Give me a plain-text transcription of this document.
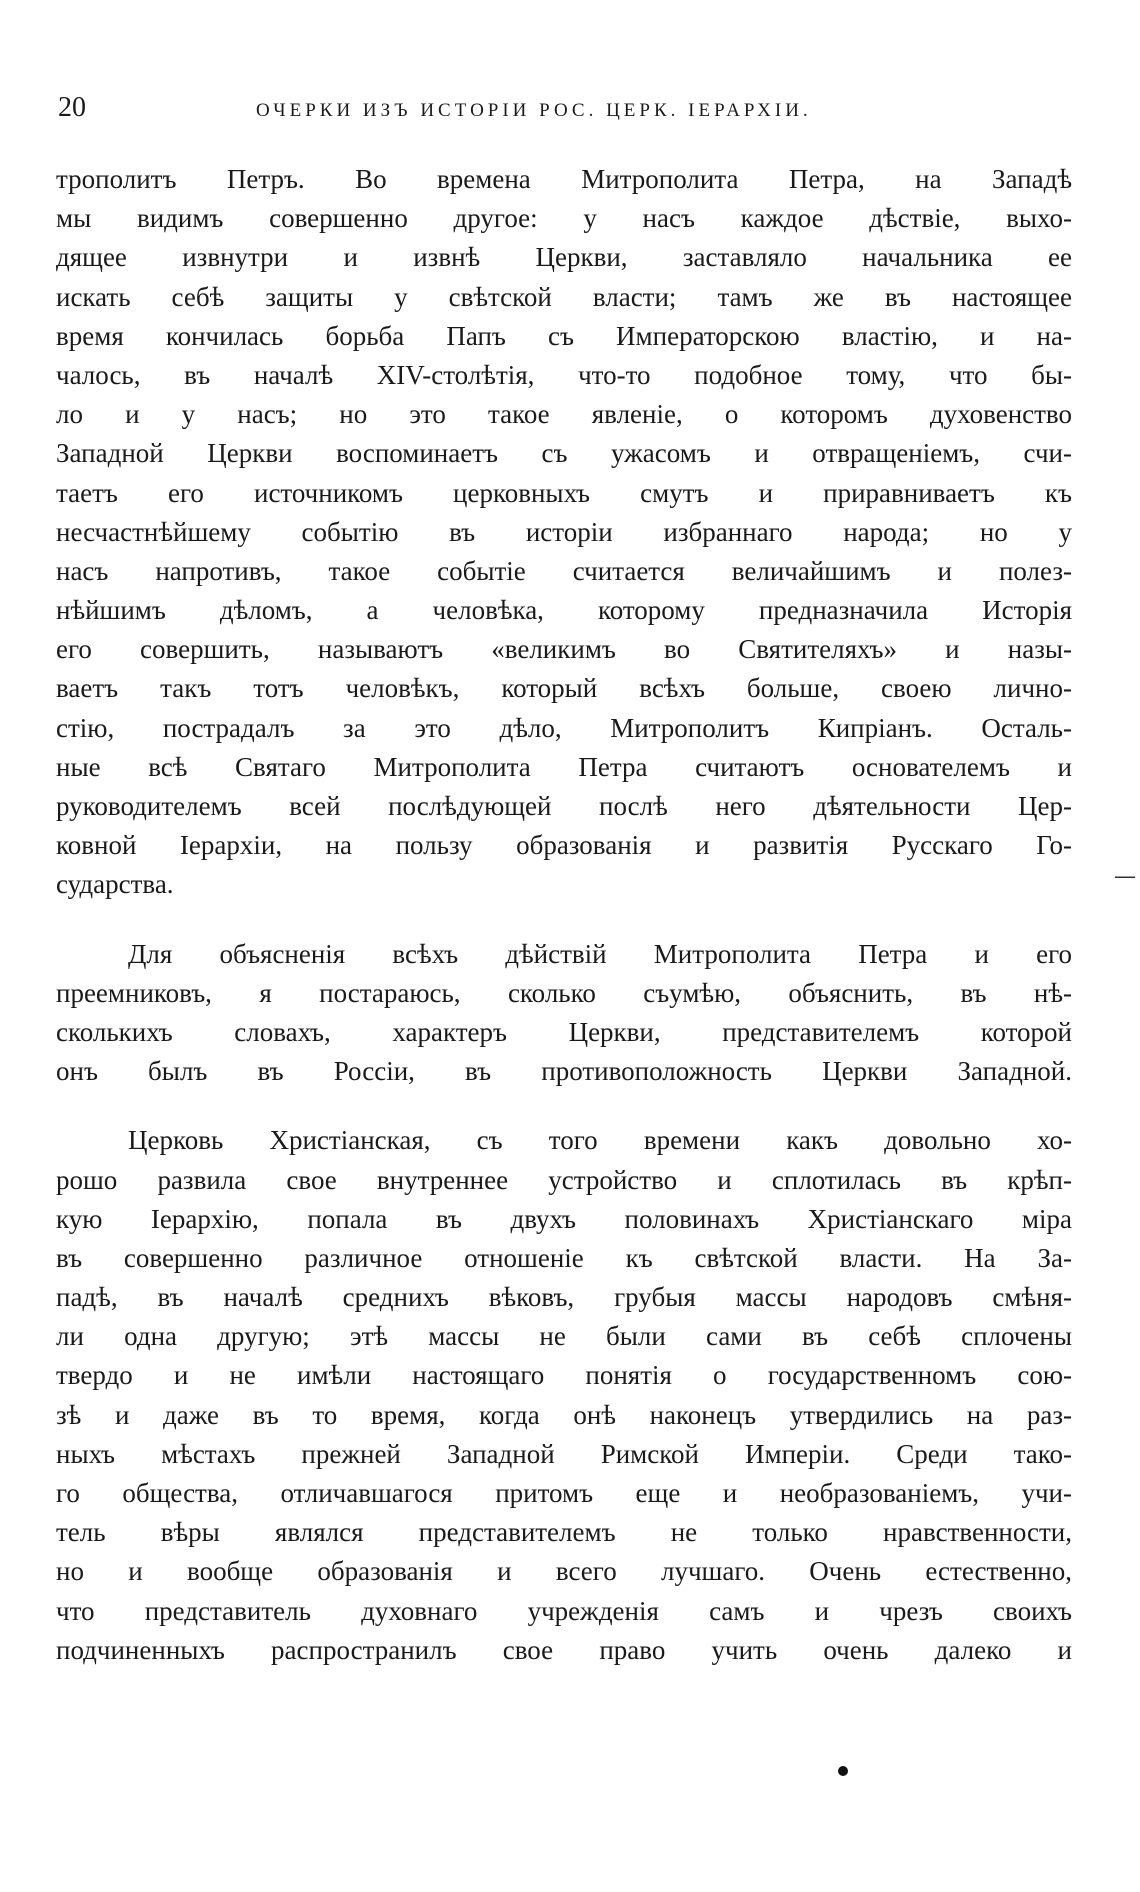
20	ОЧЕРКИ ИЗЪ ИСТОРІИ РОС. ЦЕРК. ІЕРАРХІИ.
трополитъ Петръ. Во времена Митрополита Петра, на Западѣ
мы видимъ совершенно другое: у насъ каждое дѣствіе, выхо-
дящее извнутри и извнѣ Церкви, заставляло начальника ее
искать себѣ защиты у свѣтской власти; тамъ же въ настоящее
время кончилась борьба Папъ съ Императорскою властію, и на-
чалось, въ началѣ XIV-столѣтія, что-то подобное тому, что бы-
ло и у насъ; но это такое явленіе, о которомъ духовенство
Западной Церкви воспоминаетъ съ ужасомъ и отвращеніемъ, счи-
таетъ его источникомъ церковныхъ смутъ и приравниваетъ къ
несчастнѣйшему событію въ исторіи избраннаго народа; но у
насъ напротивъ, такое событіе считается величайшимъ и полез-
нѣйшимъ дѣломъ, а человѣка, которому предназначила Исторія
его совершить, называютъ «великимъ во Святителяхъ» и назы-
ваетъ такъ тотъ человѣкъ, который всѣхъ больше, своею лично-
стію, пострадалъ за это дѣло, Митрополитъ Кипріанъ. Осталь-
ные всѣ Святаго Митрополита Петра считаютъ основателемъ и
руководителемъ всей послѣдующей послѣ него дѣятельности Цер-
ковной Іерархіи, на пользу образованія и развитія Русскаго Го-
сударства.
Для объясненія всѣхъ дѣйствій Митрополита Петра и его
преемниковъ, я постараюсь, сколько съумѣю, объяснить, въ нѣ-
сколькихъ словахъ, характеръ Церкви, представителемъ которой
онъ былъ въ Россіи, въ противоположность Церкви Западной.
Церковь Христіанская, съ того времени какъ довольно хо-
рошо развила свое внутреннее устройство и сплотилась въ крѣп-
кую Іерархію, попала въ двухъ половинахъ Христіанскаго міра
въ совершенно различное отношеніе къ свѣтской власти. На За-
падѣ, въ началѣ среднихъ вѣковъ, грубыя массы народовъ смѣня-
ли одна другую; этѣ массы не были сами въ себѣ сплочены
твердо и не имѣли настоящаго понятія о государственномъ сою-
зѣ и даже въ то время, когда онѣ наконецъ утвердились на раз-
ныхъ мѣстахъ прежней Западной Римской Имперіи. Среди тако-
го общества, отличавшагося притомъ еще и необразованіемъ, учи-
тель вѣры являлся представителемъ не только нравственности,
но и вообще образованія и всего лучшаго. Очень естественно,
что представитель духовнаго учрежденія самъ и чрезъ своихъ
подчиненныхъ распространилъ свое право учить очень далеко и
—
